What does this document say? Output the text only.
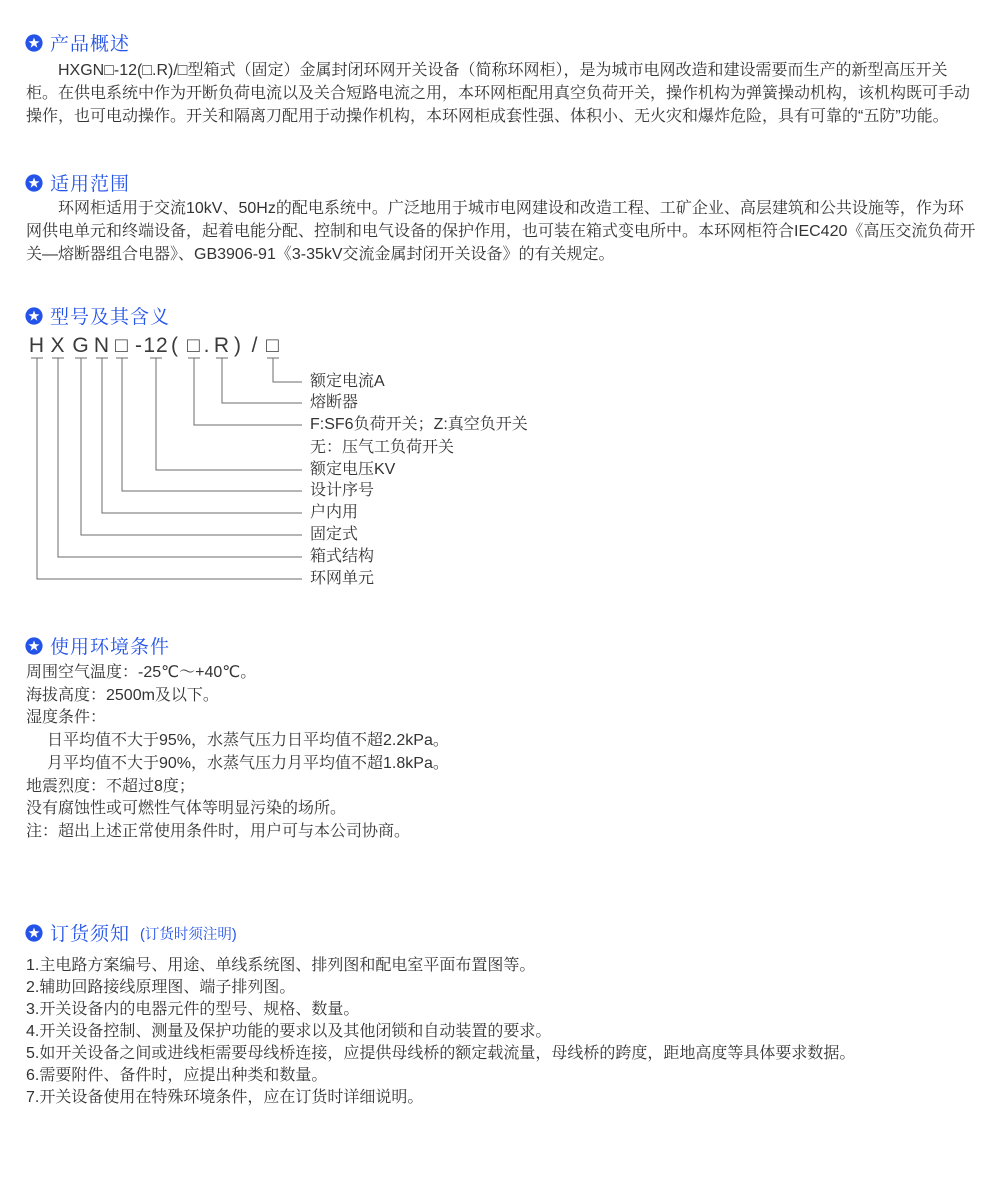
产品概述

HXGN□-12(□.R)/□型箱式（固定）金属封闭环网开关设备（简称环网柜），是为城市电网改造和建设需要而生产的新型高压开关柜。在供电系统中作为开断负荷电流以及关合短路电流之用，本环网柜配用真空负荷开关，操作机构为弹簧操动机构，该机构既可手动操作，也可电动操作。开关和隔离刀配用于动操作机构，本环网柜成套性强、体积小、无火灾和爆炸危险，具有可靠的“五防”功能。

适用范围

环网柜适用于交流10kV、50Hz的配电系统中。广泛地用于城市电网建设和改造工程、工矿企业、高层建筑和公共设施等，作为环网供电单元和终端设备，起着电能分配、控制和电气设备的保护作用，也可装在箱式变电所中。本环网柜符合IEC420《高压交流负荷开关—熔断器组合电器》、GB3906-91《3-35kV交流金属封闭开关设备》的有关规定。

型号及其含义
H X G N □ - 12 ( □ . R ) / □
额定电流A
熔断器
F:SF6负荷开关；Z:真空负开关
无：压气工负荷开关
额定电压KV
设计序号
户内用
固定式
箱式结构
环网单元
使用环境条件
周围空气温度：-25℃～+40℃。
海拔高度：2500m及以下。
湿度条件：
日平均值不大于95%，水蒸气压力日平均值不超2.2kPa。
月平均值不大于90%，水蒸气压力月平均值不超1.8kPa。
地震烈度：不超过8度；
没有腐蚀性或可燃性气体等明显污染的场所。
注：超出上述正常使用条件时，用户可与本公司协商。
订货须知 (订货时须注明)
1.主电路方案编号、用途、单线系统图、排列图和配电室平面布置图等。
2.辅助回路接线原理图、端子排列图。
3.开关设备内的电器元件的型号、规格、数量。
4.开关设备控制、测量及保护功能的要求以及其他闭锁和自动装置的要求。
5.如开关设备之间或进线柜需要母线桥连接，应提供母线桥的额定载流量，母线桥的跨度，距地高度等具体要求数据。
6.需要附件、备件时，应提出种类和数量。
7.开关设备使用在特殊环境条件，应在订货时详细说明。
